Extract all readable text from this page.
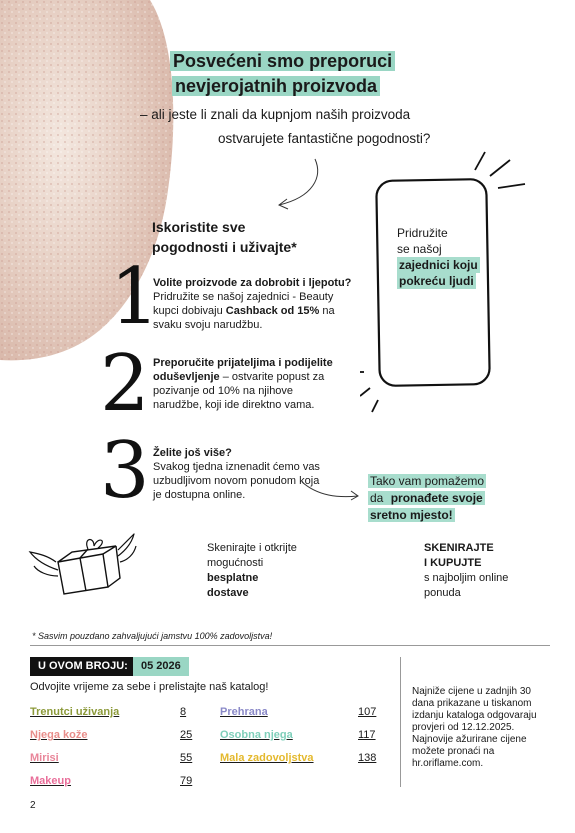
Posvećeni smo preporuci
nevjerojatnih proizvoda
– ali jeste li znali da kupnjom naših proizvoda
ostvarujete fantastične pogodnosti?
Iskoristite sve
pogodnosti i uživajte*
1
Volite proizvode za dobrobit i ljepotu? Pridružite se našoj zajednici - Beauty kupci dobivaju Cashback od 15% na svaku svoju narudžbu.
2 Preporučite prijateljima i podijelite oduševljenje – ostvarite popust za pozivanje od 10% na njihove narudžbe, koji ide direktno vama.
3 Želite još više?
Svakog tjedna iznenadit ćemo vas uzbudljivom novom ponudom koja je dostupna online.
Pridružite
se našoj
zajednici koju
pokreću ljudi
Tako vam pomažemo
da pronađete svoje
sretno mjesto!
Skenirajte i otkrijte
mogućnosti
besplatne
dostave
SKENIRAJTE
I KUPUJTE
s najboljim online
ponuda
* Sasvim pouzdano zahvaljujući jamstvu 100% zadovoljstva!
U OVOM BROJU:	05 2026
Odvojite vrijeme za sebe i prelistajte naš katalog!
Trenutci uživanja	8
Njega kože	25
Mirisi	55
Makeup	79
Prehrana	107
Osobna njega	117
Mala zadovoljstva	138
Najniže cijene u zadnjih 30 dana prikazane u tiskanom izdanju kataloga odgovaraju provjeri od 12.12.2025. Najnovije ažurirane cijene možete pronaći na hr.oriflame.com.
2
